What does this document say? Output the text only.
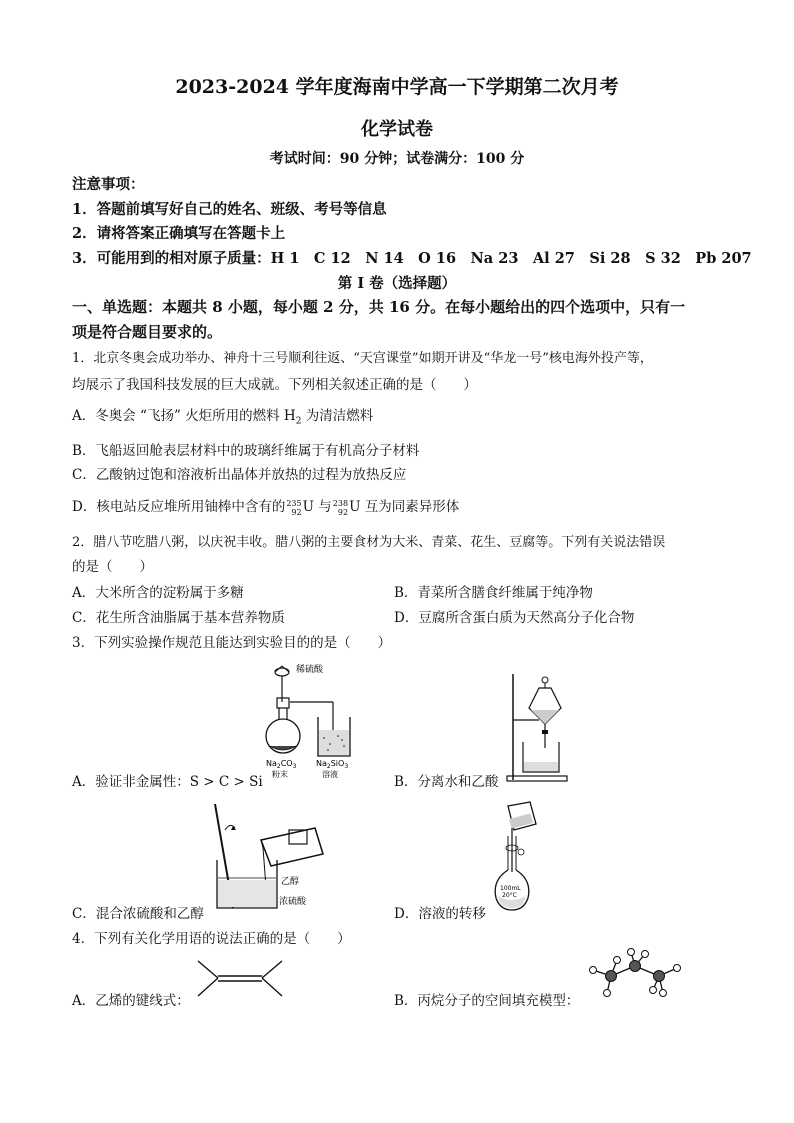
2023-2024 学年度海南中学高一下学期第二次月考
化学试卷
考试时间：90 分钟；试卷满分：100 分
注意事项：
1．答题前填写好自己的姓名、班级、考号等信息
2．请将答案正确填写在答题卡上
3．可能用到的相对原子质量：H 1　C 12　N 14　O 16　Na 23　Al 27　Si 28　S 32　Pb 207
第 I 卷（选择题）
一、单选题：本题共 8 小题，每小题 2 分，共 16 分。在每小题给出的四个选项中，只有一
项是符合题目要求的。
1．北京冬奥会成功举办、神舟十三号顺利往返、“天宫课堂”如期开讲及“华龙一号”核电海外投产等，
均展示了我国科技发展的巨大成就。下列相关叙述正确的是（　　）
A．冬奥会 “飞扬” 火炬所用的燃料 $H_2$ 为清洁燃料
B．飞船返回舱表层材料中的玻璃纤维属于有机高分子材料
C．乙酸钠过饱和溶液析出晶体并放热的过程为放热反应
D．核电站反应堆所用铀棒中含有的235
92U 与238
92U 互为同素异形体
2．腊八节吃腊八粥，以庆祝丰收。腊八粥的主要食材为大米、青菜、花生、豆腐等。下列有关说法错误
的是（　　）
A．大米所含的淀粉属于多糖	B．青菜所含膳食纤维属于纯净物
C．花生所含油脂属于基本营养物质	D．豆腐所含蛋白质为天然高分子化合物
3．下列实验操作规范且能达到实验目的的是（　　）
稀硫酸
$Na_2CO_3$
粉末
$Na_2SiO_3$
溶液
A．验证非金属性：S > C > Si	B．分离水和乙酸
乙醇
浓硫酸
C．混合浓硫酸和乙醇
100mL
20°C
D．溶液的转移
4．下列有关化学用语的说法正确的是（　　）
A．乙烯的键线式：	B．丙烷分子的空间填充模型：
